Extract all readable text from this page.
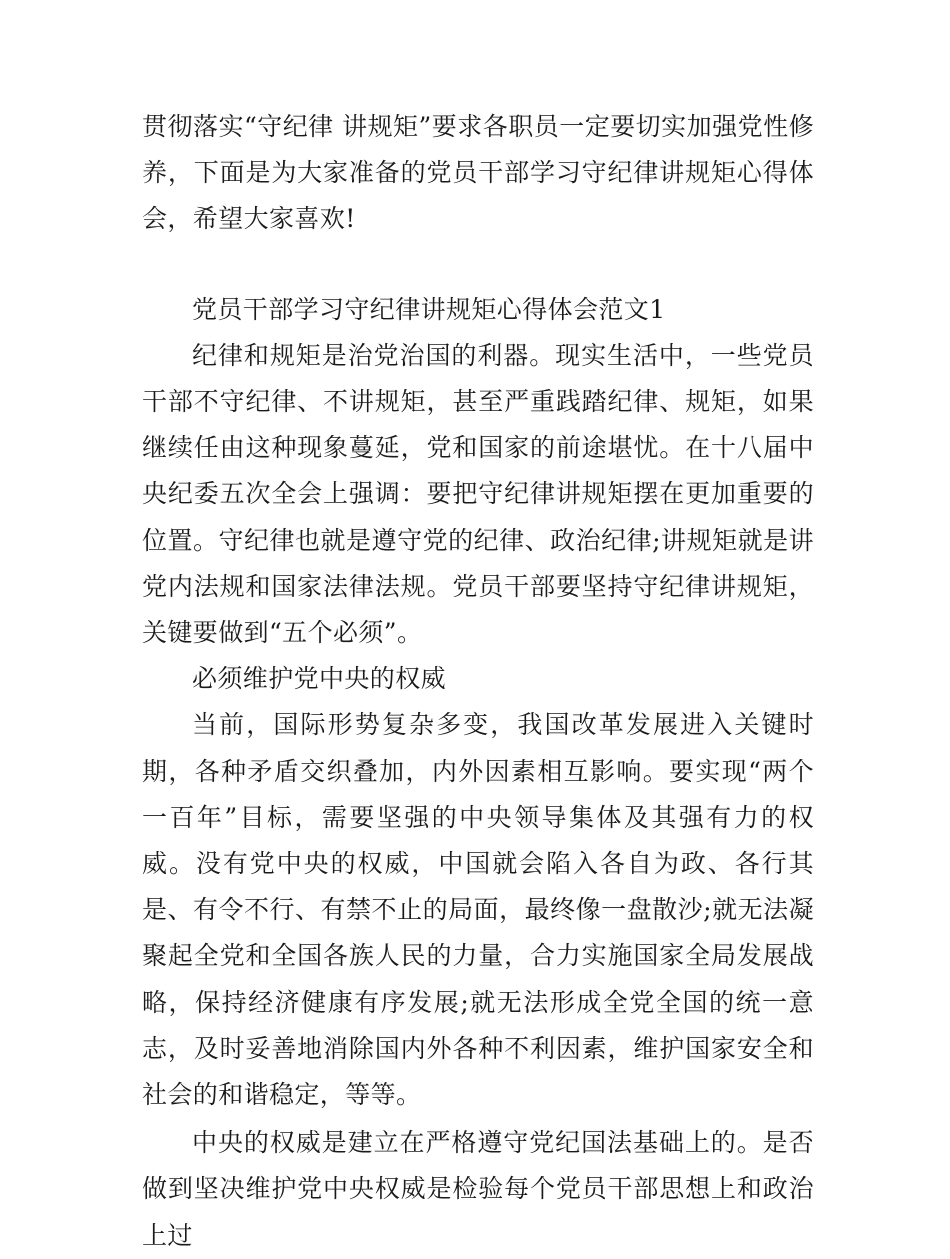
贯彻落实“守纪律 讲规矩”要求各职员一定要切实加强党性修养，下面是为大家准备的党员干部学习守纪律讲规矩心得体会，希望大家喜欢!

党员干部学习守纪律讲规矩心得体会范文1

纪律和规矩是治党治国的利器。现实生活中，一些党员干部不守纪律、不讲规矩，甚至严重践踏纪律、规矩，如果继续任由这种现象蔓延，党和国家的前途堪忧。在十八届中央纪委五次全会上强调：要把守纪律讲规矩摆在更加重要的位置。守纪律也就是遵守党的纪律、政治纪律;讲规矩就是讲党内法规和国家法律法规。党员干部要坚持守纪律讲规矩，关键要做到“五个必须”。

必须维护党中央的权威

当前，国际形势复杂多变，我国改革发展进入关键时期，各种矛盾交织叠加，内外因素相互影响。要实现“两个一百年”目标，需要坚强的中央领导集体及其强有力的权威。没有党中央的权威，中国就会陷入各自为政、各行其是、有令不行、有禁不止的局面，最终像一盘散沙;就无法凝聚起全党和全国各族人民的力量，合力实施国家全局发展战略，保持经济健康有序发展;就无法形成全党全国的统一意志，及时妥善地消除国内外各种不利因素，维护国家安全和社会的和谐稳定，等等。

中央的权威是建立在严格遵守党纪国法基础上的。是否做到坚决维护党中央权威是检验每个党员干部思想上和政治上过
